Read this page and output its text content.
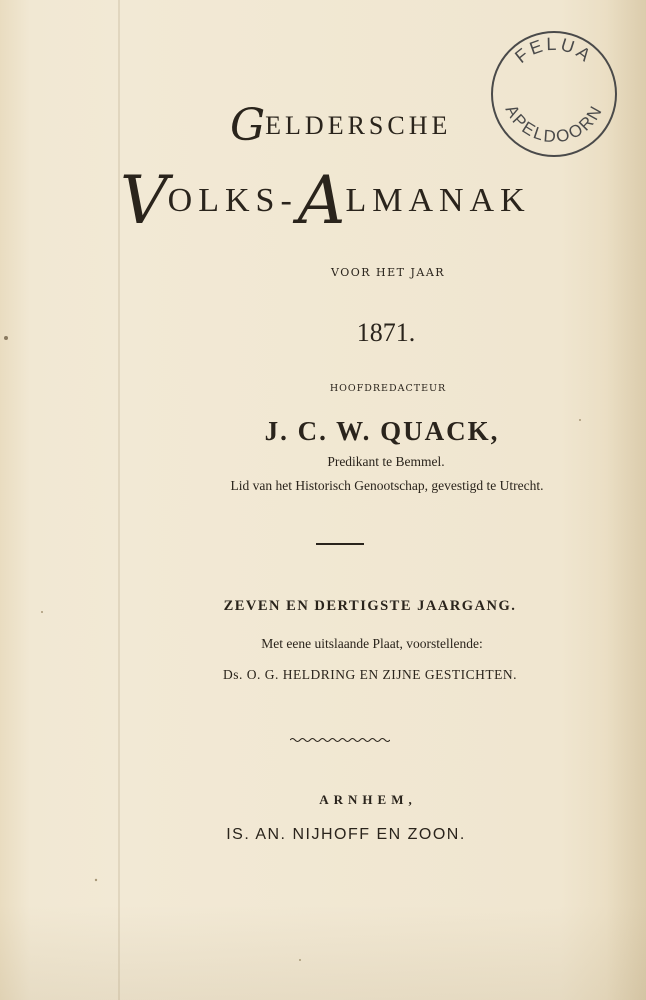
GELDERSCHE
VOLKS-ALMANAK
VOOR HET JAAR
1871.
HOOFDREDACTEUR
J. C. W. QUACK,
Predikant te Bemmel.
Lid van het Historisch Genootschap, gevestigd te Utrecht.
ZEVEN EN DERTIGSTE JAARGANG.
Met eene uitslaande Plaat, voorstellende:
Ds. O. G. HELDRING EN ZIJNE GESTICHTEN.
ARNHEM,
IS. AN. NIJHOFF EN ZOON.
FELUA
APELDOORN
